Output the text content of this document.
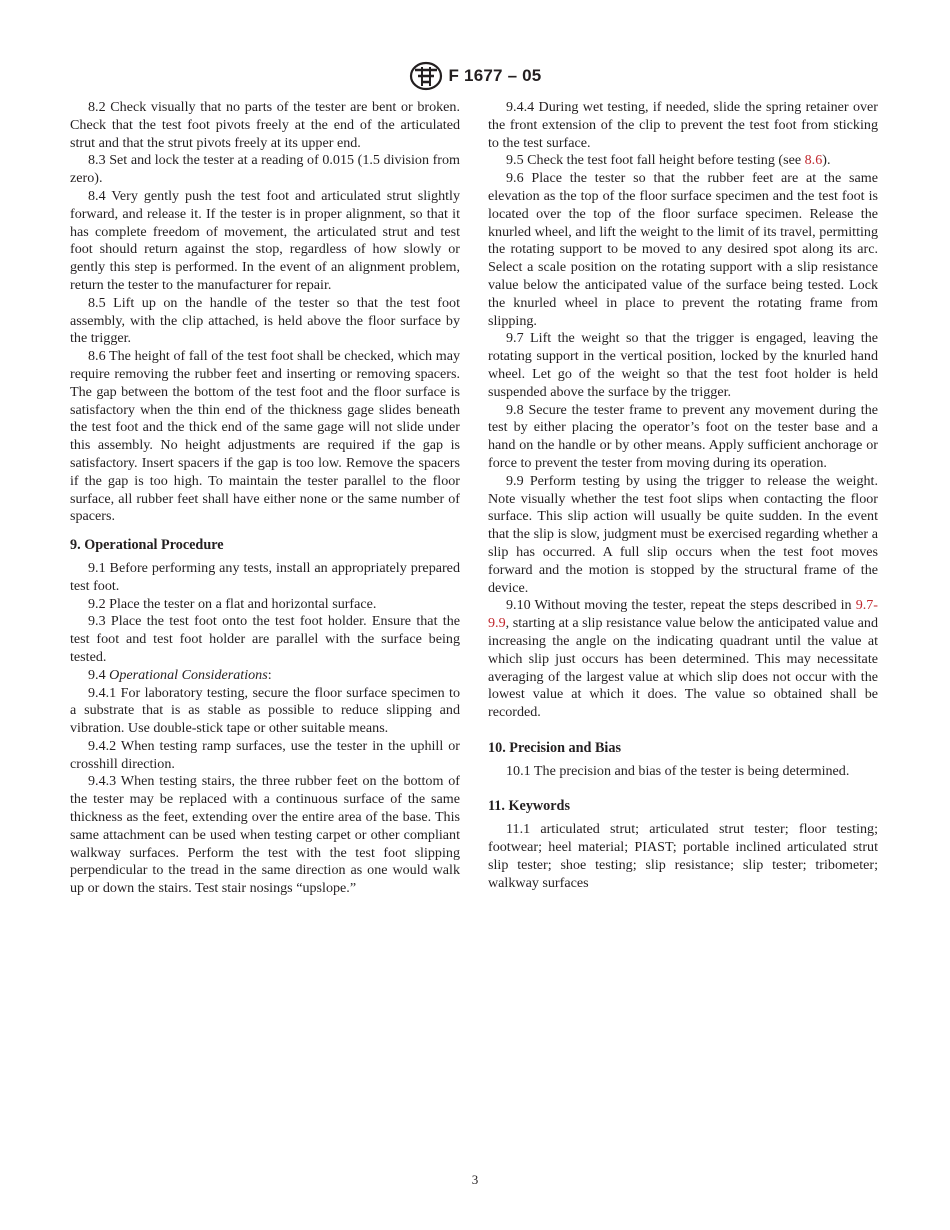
F 1677 – 05

8.2 Check visually that no parts of the tester are bent or broken. Check that the test foot pivots freely at the end of the articulated strut and that the strut pivots freely at its upper end.

8.3 Set and lock the tester at a reading of 0.015 (1.5 division from zero).

8.4 Very gently push the test foot and articulated strut slightly forward, and release it. If the tester is in proper alignment, so that it has complete freedom of movement, the articulated strut and test foot should return against the stop, regardless of how slowly or gently this step is performed. In the event of an alignment problem, return the tester to the manufacturer for repair.

8.5 Lift up on the handle of the tester so that the test foot assembly, with the clip attached, is held above the floor surface by the trigger.

8.6 The height of fall of the test foot shall be checked, which may require removing the rubber feet and inserting or removing spacers. The gap between the bottom of the test foot and the floor surface is satisfactory when the thin end of the thickness gage slides beneath the test foot and the thick end of the same gage will not slide under this assembly. No height adjustments are required if the gap is satisfactory. Insert spacers if the gap is too low. Remove the spacers if the gap is too high. To maintain the tester parallel to the floor surface, all rubber feet shall have either none or the same number of spacers.

9. Operational Procedure

9.1 Before performing any tests, install an appropriately prepared test foot.

9.2 Place the tester on a flat and horizontal surface.

9.3 Place the test foot onto the test foot holder. Ensure that the test foot and test foot holder are parallel with the surface being tested.

9.4 Operational Considerations:

9.4.1 For laboratory testing, secure the floor surface specimen to a substrate that is as stable as possible to reduce slipping and vibration. Use double-stick tape or other suitable means.

9.4.2 When testing ramp surfaces, use the tester in the uphill or crosshill direction.

9.4.3 When testing stairs, the three rubber feet on the bottom of the tester may be replaced with a continuous surface of the same thickness as the feet, extending over the entire area of the base. This same attachment can be used when testing carpet or other compliant walkway surfaces. Perform the test with the test foot slipping perpendicular to the tread in the same direction as one would walk up or down the stairs. Test stair nosings “upslope.”

9.4.4 During wet testing, if needed, slide the spring retainer over the front extension of the clip to prevent the test foot from sticking to the test surface.

9.5 Check the test foot fall height before testing (see 8.6).

9.6 Place the tester so that the rubber feet are at the same elevation as the top of the floor surface specimen and the test foot is located over the top of the floor surface specimen. Release the knurled wheel, and lift the weight to the limit of its travel, permitting the rotating support to be moved to any desired spot along its arc. Select a scale position on the rotating support with a slip resistance value below the anticipated value of the surface being tested. Lock the knurled wheel in place to prevent the rotating frame from slipping.

9.7 Lift the weight so that the trigger is engaged, leaving the rotating support in the vertical position, locked by the knurled hand wheel. Let go of the weight so that the test foot holder is held suspended above the surface by the trigger.

9.8 Secure the tester frame to prevent any movement during the test by either placing the operator’s foot on the tester base and a hand on the handle or by other means. Apply sufficient anchorage or force to prevent the tester from moving during its operation.

9.9 Perform testing by using the trigger to release the weight. Note visually whether the test foot slips when contacting the floor surface. This slip action will usually be quite sudden. In the event that the slip is slow, judgment must be exercised regarding whether a slip has occurred. A full slip occurs when the test foot moves forward and the motion is stopped by the structural frame of the device.

9.10 Without moving the tester, repeat the steps described in 9.7-9.9, starting at a slip resistance value below the anticipated value and increasing the angle on the indicating quadrant until the value at which slip just occurs has been determined. This may necessitate averaging of the largest value at which slip does not occur with the lowest value at which it does. The value so obtained shall be recorded.

10. Precision and Bias

10.1 The precision and bias of the tester is being determined.

11. Keywords

11.1 articulated strut; articulated strut tester; floor testing; footwear; heel material; PIAST; portable inclined articulated strut slip tester; shoe testing; slip resistance; slip tester; tribometer; walkway surfaces

3
